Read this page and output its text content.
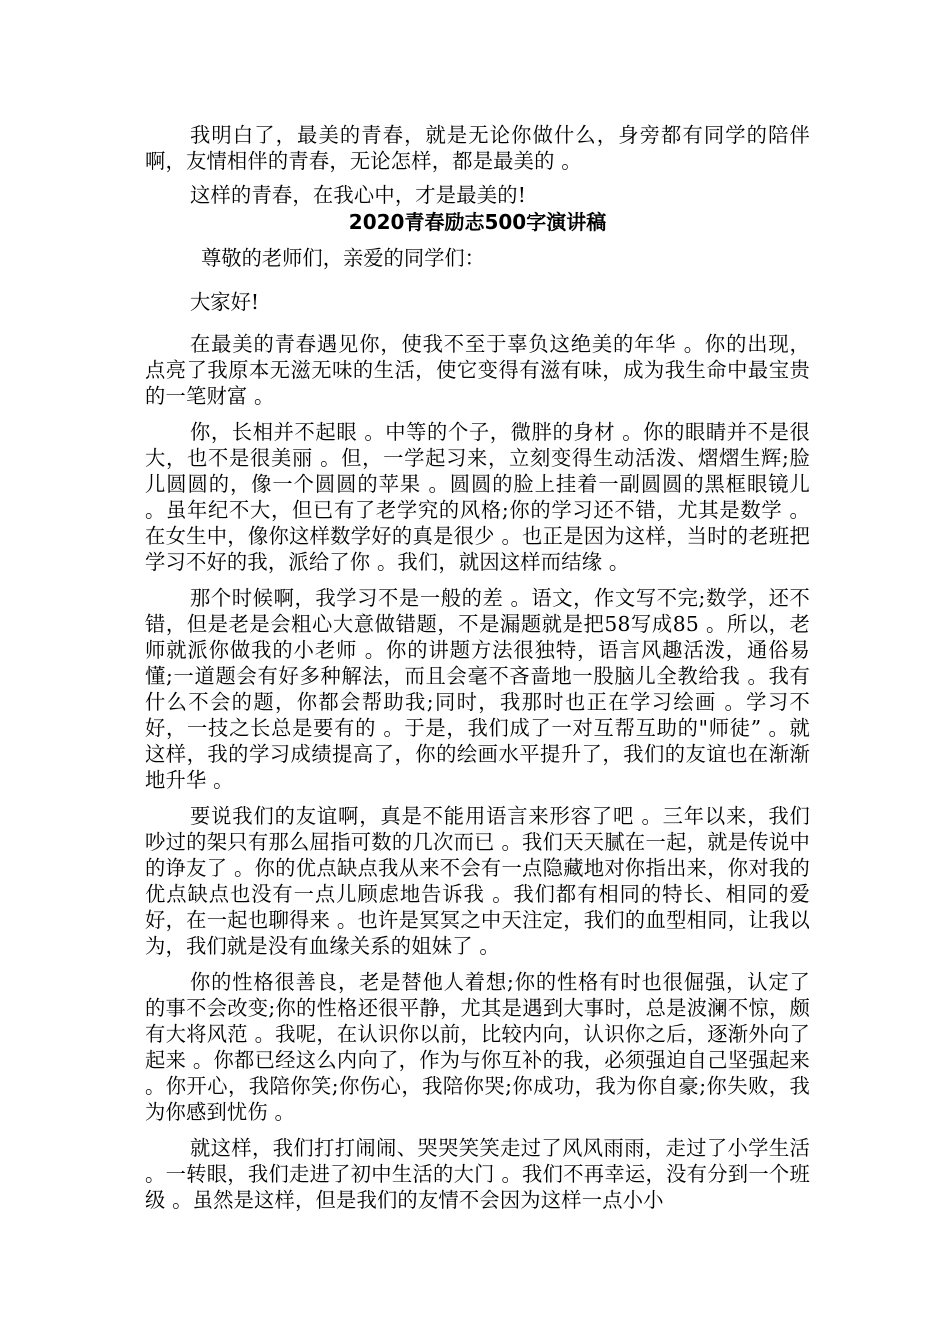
我明白了，最美的青春，就是无论你做什么，身旁都有同学的陪伴啊，友情相伴的青春，无论怎样，都是最美的 。

这样的青春，在我心中，才是最美的!

2020青春励志500字演讲稿

尊敬的老师们，亲爱的同学们：

大家好!

在最美的青春遇见你，使我不至于辜负这绝美的年华 。你的出现，点亮了我原本无滋无味的生活，使它变得有滋有味，成为我生命中最宝贵的一笔财富 。

你，长相并不起眼 。中等的个子，微胖的身材 。你的眼睛并不是很大，也不是很美丽 。但，一学起习来，立刻变得生动活泼、熠熠生辉;脸儿圆圆的，像一个圆圆的苹果 。圆圆的脸上挂着一副圆圆的黑框眼镜儿 。虽年纪不大，但已有了老学究的风格;你的学习还不错，尤其是数学 。在女生中，像你这样数学好的真是很少 。也正是因为这样，当时的老班把学习不好的我，派给了你 。我们，就因这样而结缘 。

那个时候啊，我学习不是一般的差 。语文，作文写不完;数学，还不错，但是老是会粗心大意做错题，不是漏题就是把58写成85 。所以，老师就派你做我的小老师 。你的讲题方法很独特，语言风趣活泼，通俗易懂;一道题会有好多种解法，而且会毫不吝啬地一股脑儿全教给我 。我有什么不会的题，你都会帮助我;同时，我那时也正在学习绘画 。学习不好，一技之长总是要有的 。于是，我们成了一对互帮互助的"师徒” 。就这样，我的学习成绩提高了，你的绘画水平提升了，我们的友谊也在渐渐地升华 。

要说我们的友谊啊，真是不能用语言来形容了吧 。三年以来，我们吵过的架只有那么屈指可数的几次而已 。我们天天腻在一起，就是传说中的诤友了 。你的优点缺点我从来不会有一点隐藏地对你指出来，你对我的优点缺点也没有一点儿顾虑地告诉我 。我们都有相同的特长、相同的爱好，在一起也聊得来 。也许是冥冥之中天注定，我们的血型相同，让我以为，我们就是没有血缘关系的姐妹了 。

你的性格很善良，老是替他人着想;你的性格有时也很倔强，认定了的事不会改变;你的性格还很平静，尤其是遇到大事时，总是波澜不惊，颇有大将风范 。我呢，在认识你以前，比较内向，认识你之后，逐渐外向了起来 。你都已经这么内向了，作为与你互补的我，必须强迫自己坚强起来 。你开心，我陪你笑;你伤心，我陪你哭;你成功，我为你自豪;你失败，我为你感到忧伤 。

就这样，我们打打闹闹、哭哭笑笑走过了风风雨雨，走过了小学生活 。一转眼，我们走进了初中生活的大门 。我们不再幸运，没有分到一个班级 。虽然是这样，但是我们的友情不会因为这样一点小小
